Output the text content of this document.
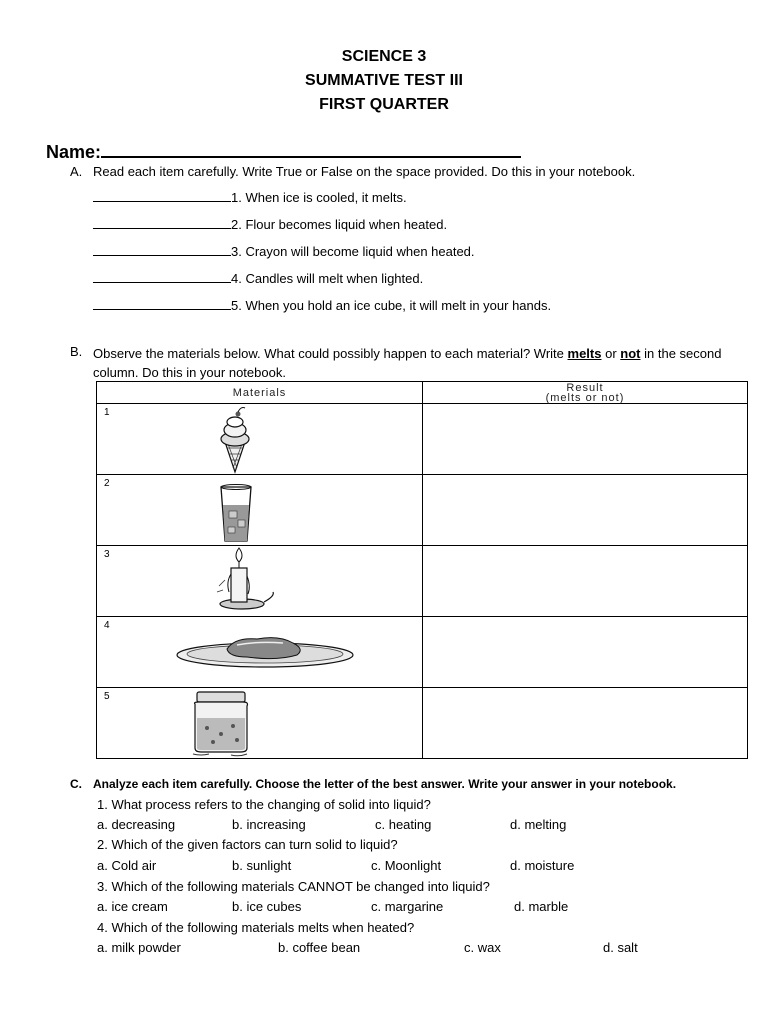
SCIENCE 3
SUMMATIVE TEST III
FIRST QUARTER
Name:
A. Read each item carefully. Write True or False on the space provided. Do this in your notebook.
1. When ice is cooled, it melts.
2. Flour becomes liquid when heated.
3. Crayon will become liquid when heated.
4. Candles will melt when lighted.
5. When you hold an ice cube, it will melt in your hands.
B. Observe the materials below. What could possibly happen to each material? Write melts or not in the second column. Do this in your notebook.
Materials	Result
(melts or not)

1	

2	

3	

4	

5	

C. Analyze each item carefully. Choose the letter of the best answer. Write your answer in your notebook.
1. What process refers to the changing of solid into liquid?
a. decreasing	b. increasing	c. heating	d. melting
2. Which of the given factors can turn solid to liquid?
a. Cold air	b. sunlight	c. Moonlight	d. moisture
3. Which of the following materials CANNOT be changed into liquid?
a. ice cream	b. ice cubes	c. margarine	d. marble
4. Which of the following materials melts when heated?
a. milk powder	b. coffee bean	c. wax	d. salt
